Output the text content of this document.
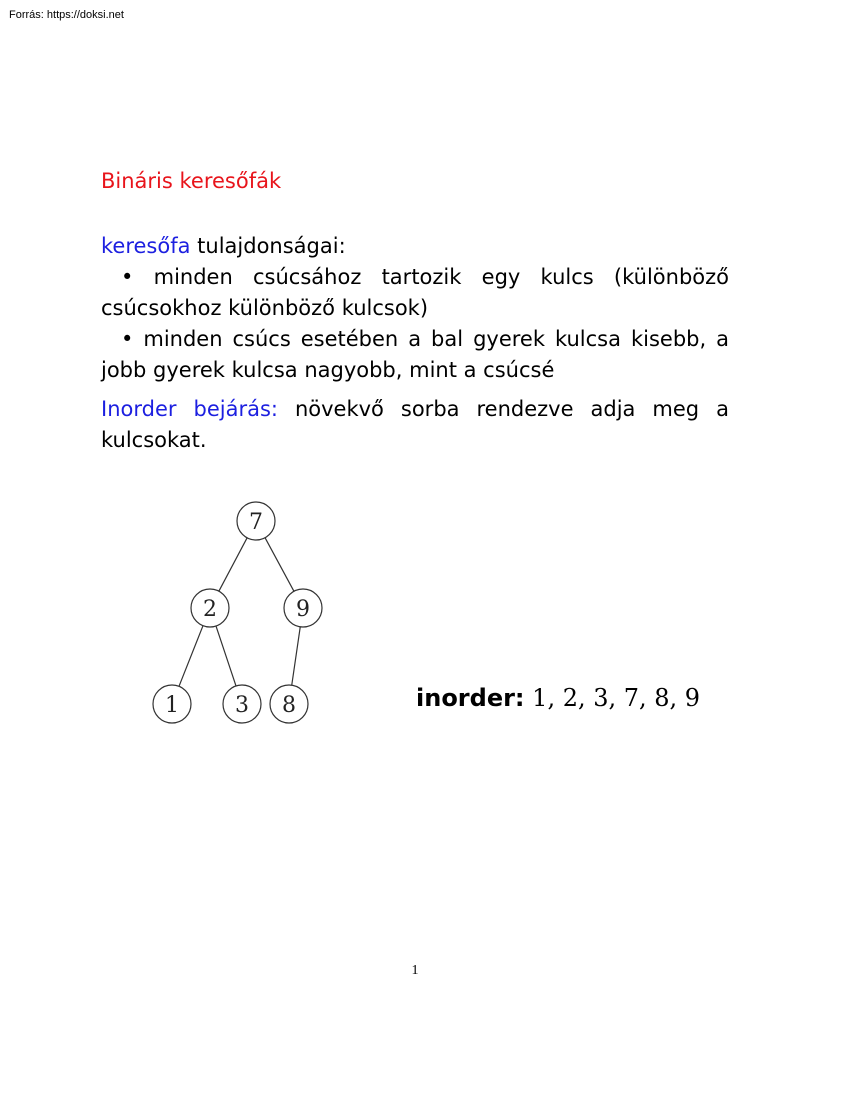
Forrás: https://doksi.net
Bináris keresőfák

keresőfa tulajdonságai:

• minden csúcsához tartozik egy kulcs (különböző csúcsokhoz különböző kulcsok)

• minden csúcs esetében a bal gyerek kulcsa kisebb, a jobb gyerek kulcsa nagyobb, mint a csúcsé

Inorder bejárás: növekvő sorba rendezve adja meg a kulcsokat.

7
2	9
1	3 8	inorder: 1, 2, 3, 7, 8, 9
1
